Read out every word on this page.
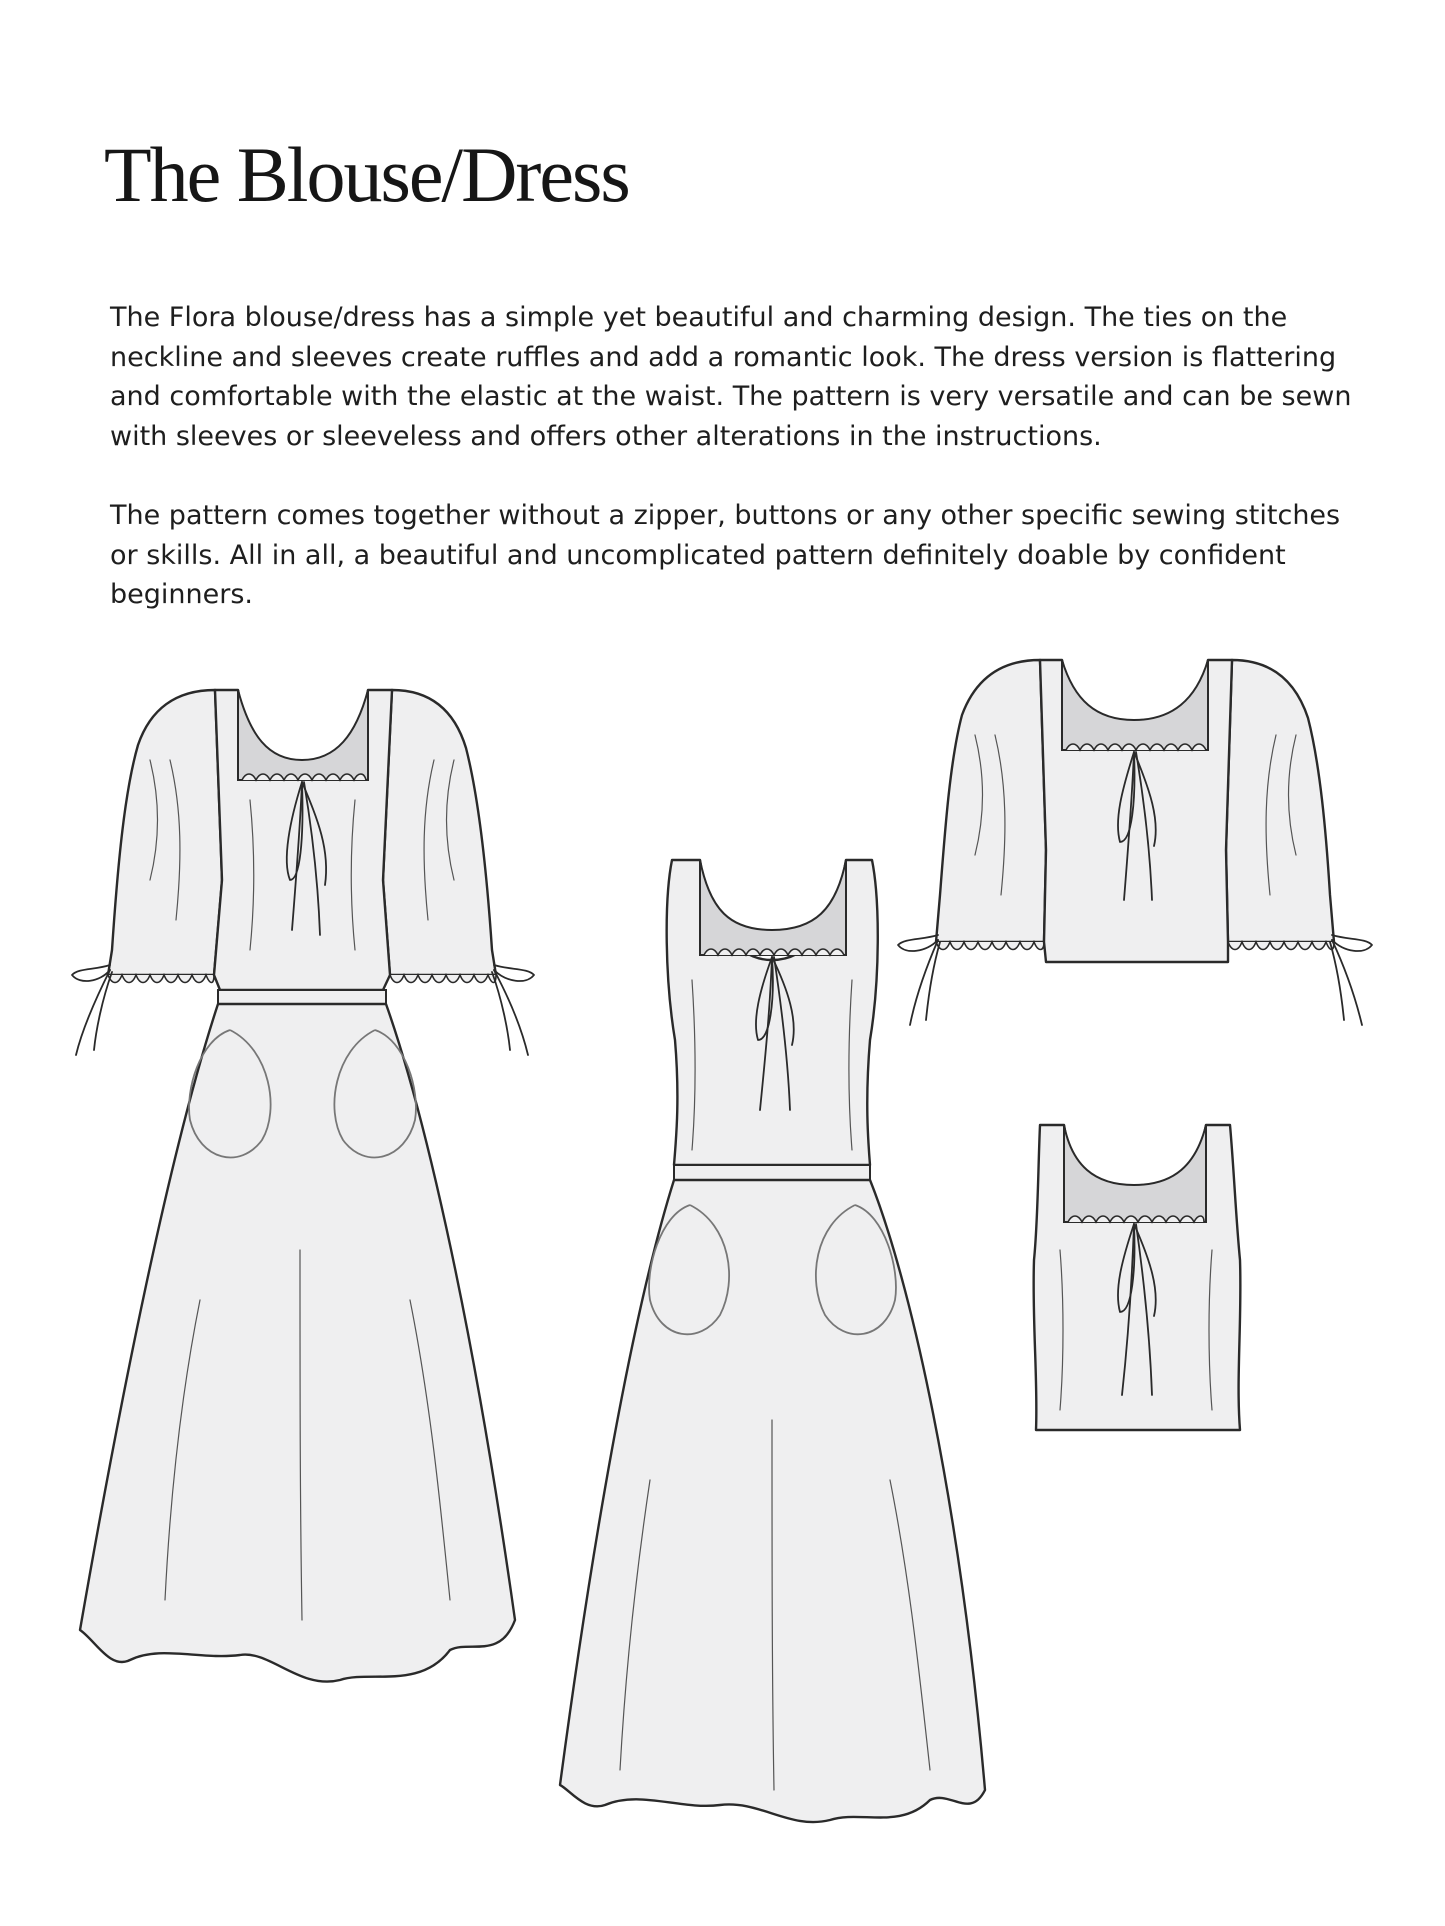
The Blouse/Dress

The Flora blouse/dress has a simple yet beautiful and charming design. The ties on the neckline and sleeves create ruffles and add a romantic look. The dress version is flattering and comfortable with the elastic at the waist. The pattern is very versatile and can be sewn with sleeves or sleeveless and offers other alterations in the instructions.

The pattern comes together without a zipper, buttons or any other specific sewing stitches or skills. All in all, a beautiful and uncomplicated pattern definitely doable by confident beginners.
